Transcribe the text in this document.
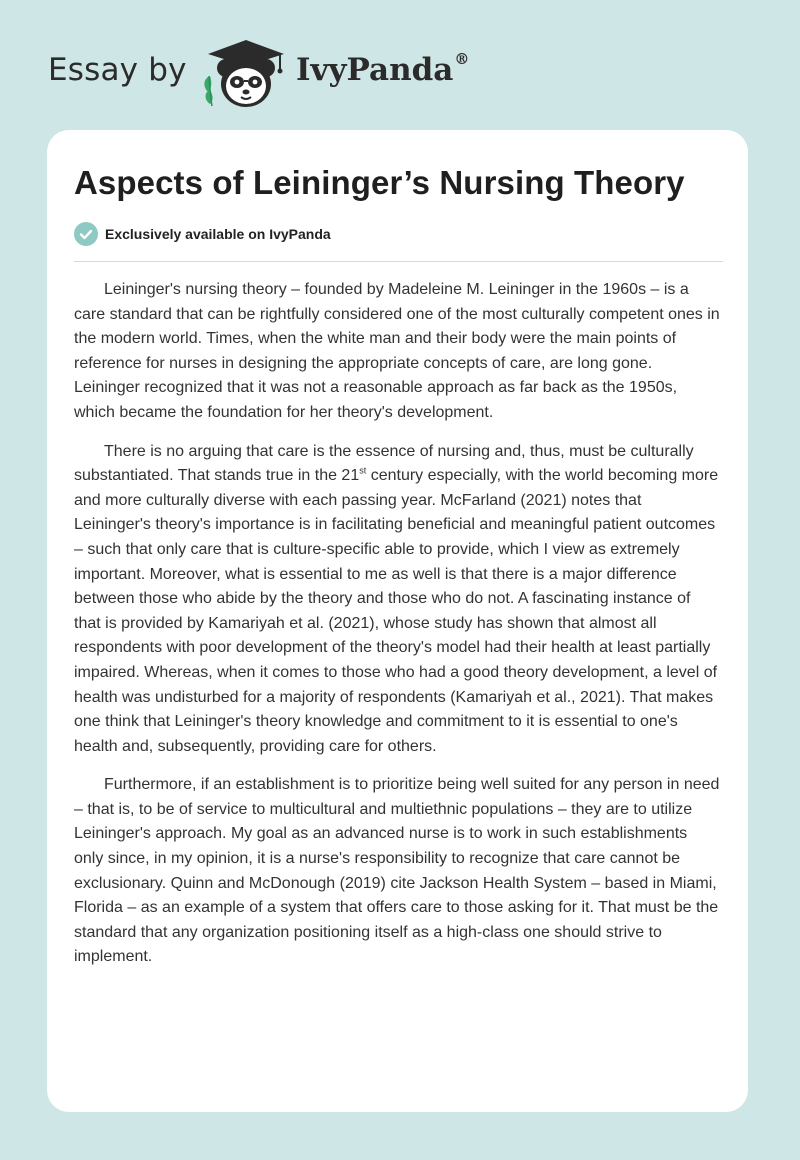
Essay by	IvyPanda®
Aspects of Leininger’s Nursing Theory
Exclusively available on IvyPanda

Leininger's nursing theory – founded by Madeleine M. Leininger in the 1960s – is a care standard that can be rightfully considered one of the most culturally competent ones in the modern world. Times, when the white man and their body were the main points of reference for nurses in designing the appropriate concepts of care, are long gone. Leininger recognized that it was not a reasonable approach as far back as the 1950s, which became the foundation for her theory's development.

There is no arguing that care is the essence of nursing and, thus, must be culturally substantiated. That stands true in the 21st century especially, with the world becoming more and more culturally diverse with each passing year. McFarland (2021) notes that Leininger's theory's importance is in facilitating beneficial and meaningful patient outcomes – such that only care that is culture-specific able to provide, which I view as extremely important. Moreover, what is essential to me as well is that there is a major difference between those who abide by the theory and those who do not. A fascinating instance of that is provided by Kamariyah et al. (2021), whose study has shown that almost all respondents with poor development of the theory's model had their health at least partially impaired. Whereas, when it comes to those who had a good theory development, a level of health was undisturbed for a majority of respondents (Kamariyah et al., 2021). That makes one think that Leininger's theory knowledge and commitment to it is essential to one's health and, subsequently, providing care for others.

Furthermore, if an establishment is to prioritize being well suited for any person in need – that is, to be of service to multicultural and multiethnic populations – they are to utilize Leininger's approach. My goal as an advanced nurse is to work in such establishments only since, in my opinion, it is a nurse's responsibility to recognize that care cannot be exclusionary. Quinn and McDonough (2019) cite Jackson Health System – based in Miami, Florida – as an example of a system that offers care to those asking for it. That must be the standard that any organization positioning itself as a high-class one should strive to implement.
